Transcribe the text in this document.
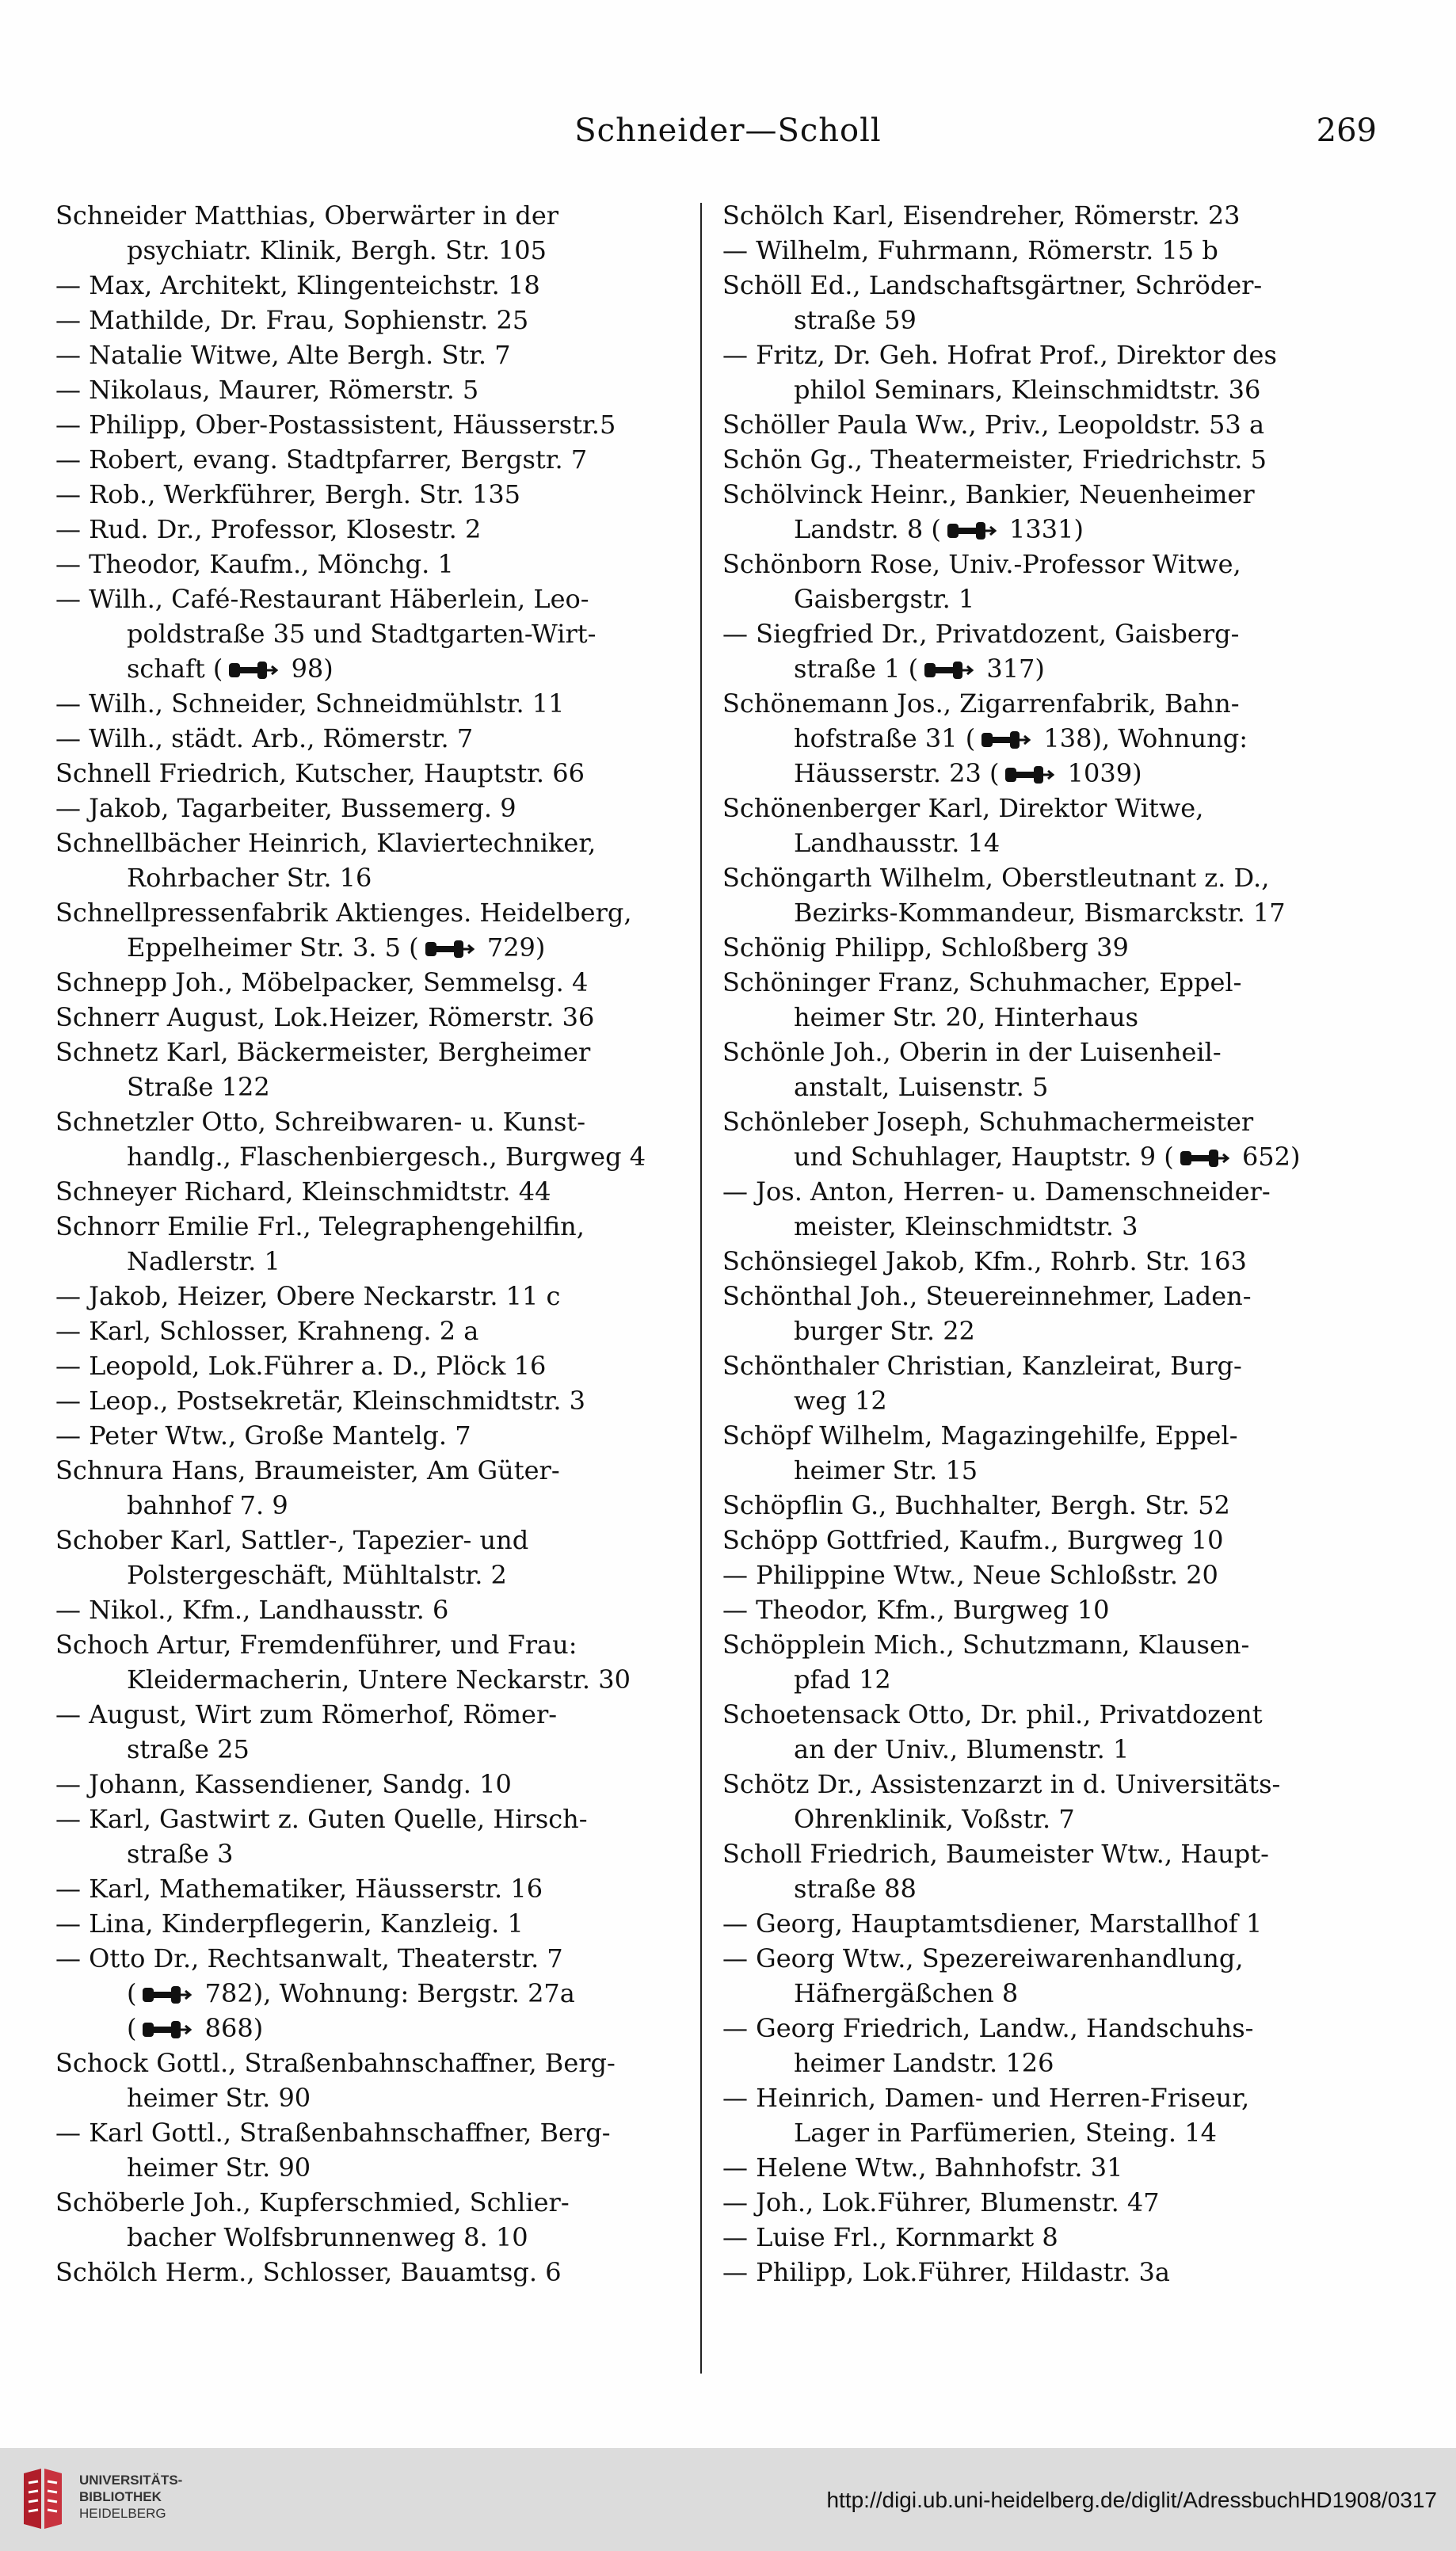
Schneider—Scholl	269
Schneider Matthias, Oberwärter in der
psychiatr. Klinik, Bergh. Str. 105
— Max, Architekt, Klingenteichstr. 18
— Mathilde, Dr. Frau, Sophienstr. 25
— Natalie Witwe, Alte Bergh. Str. 7
— Nikolaus, Maurer, Römerstr. 5
— Philipp, Ober-Postassistent, Häusserstr.5
— Robert, evang. Stadtpfarrer, Bergstr. 7
— Rob., Werkführer, Bergh. Str. 135
— Rud. Dr., Professor, Klosestr. 2
— Theodor, Kaufm., Mönchg. 1
— Wilh., Café-Restaurant Häberlein, Leo-
poldstraße 35 und Stadtgarten-Wirt-
schaft ( 98)
— Wilh., Schneider, Schneidmühlstr. 11
— Wilh., städt. Arb., Römerstr. 7
Schnell Friedrich, Kutscher, Hauptstr. 66
— Jakob, Tagarbeiter, Bussemerg. 9
Schnellbächer Heinrich, Klaviertechniker,
Rohrbacher Str. 16
Schnellpressenfabrik Aktienges. Heidelberg,
Eppelheimer Str. 3. 5 ( 729)
Schnepp Joh., Möbelpacker, Semmelsg. 4
Schnerr August, Lok.Heizer, Römerstr. 36
Schnetz Karl, Bäckermeister, Bergheimer
Straße 122
Schnetzler Otto, Schreibwaren- u. Kunst-
handlg., Flaschenbiergesch., Burgweg 4
Schneyer Richard, Kleinschmidtstr. 44
Schnorr Emilie Frl., Telegraphengehilfin,
Nadlerstr. 1
— Jakob, Heizer, Obere Neckarstr. 11 c
— Karl, Schlosser, Krahneng. 2 a
— Leopold, Lok.Führer a. D., Plöck 16
— Leop., Postsekretär, Kleinschmidtstr. 3
— Peter Wtw., Große Mantelg. 7
Schnura Hans, Braumeister, Am Güter-
bahnhof 7. 9
Schober Karl, Sattler-, Tapezier- und
Polstergeschäft, Mühltalstr. 2
— Nikol., Kfm., Landhausstr. 6
Schoch Artur, Fremdenführer, und Frau:
Kleidermacherin, Untere Neckarstr. 30
— August, Wirt zum Römerhof, Römer-
straße 25
— Johann, Kassendiener, Sandg. 10
— Karl, Gastwirt z. Guten Quelle, Hirsch-
straße 3
— Karl, Mathematiker, Häusserstr. 16
— Lina, Kinderpflegerin, Kanzleig. 1
— Otto Dr., Rechtsanwalt, Theaterstr. 7
( 782), Wohnung: Bergstr. 27a
( 868)
Schock Gottl., Straßenbahnschaffner, Berg-
heimer Str. 90
— Karl Gottl., Straßenbahnschaffner, Berg-
heimer Str. 90
Schöberle Joh., Kupferschmied, Schlier-
bacher Wolfsbrunnenweg 8. 10
Schölch Herm., Schlosser, Bauamtsg. 6
Schölch Karl, Eisendreher, Römerstr. 23
— Wilhelm, Fuhrmann, Römerstr. 15 b
Schöll Ed., Landschaftsgärtner, Schröder-
straße 59
— Fritz, Dr. Geh. Hofrat Prof., Direktor des
philol Seminars, Kleinschmidtstr. 36
Schöller Paula Ww., Priv., Leopoldstr. 53 a
Schön Gg., Theatermeister, Friedrichstr. 5
Schölvinck Heinr., Bankier, Neuenheimer
Landstr. 8 ( 1331)
Schönborn Rose, Univ.-Professor Witwe,
Gaisbergstr. 1
— Siegfried Dr., Privatdozent, Gaisberg-
straße 1 ( 317)
Schönemann Jos., Zigarrenfabrik, Bahn-
hofstraße 31 ( 138), Wohnung:
Häusserstr. 23 ( 1039)
Schönenberger Karl, Direktor Witwe,
Landhausstr. 14
Schöngarth Wilhelm, Oberstleutnant z. D.,
Bezirks-Kommandeur, Bismarckstr. 17
Schönig Philipp, Schloßberg 39
Schöninger Franz, Schuhmacher, Eppel-
heimer Str. 20, Hinterhaus
Schönle Joh., Oberin in der Luisenheil-
anstalt, Luisenstr. 5
Schönleber Joseph, Schuhmachermeister
und Schuhlager, Hauptstr. 9 ( 652)
— Jos. Anton, Herren- u. Damenschneider-
meister, Kleinschmidtstr. 3
Schönsiegel Jakob, Kfm., Rohrb. Str. 163
Schönthal Joh., Steuereinnehmer, Laden-
burger Str. 22
Schönthaler Christian, Kanzleirat, Burg-
weg 12
Schöpf Wilhelm, Magazingehilfe, Eppel-
heimer Str. 15
Schöpflin G., Buchhalter, Bergh. Str. 52
Schöpp Gottfried, Kaufm., Burgweg 10
— Philippine Wtw., Neue Schloßstr. 20
— Theodor, Kfm., Burgweg 10
Schöpplein Mich., Schutzmann, Klausen-
pfad 12
Schoetensack Otto, Dr. phil., Privatdozent
an der Univ., Blumenstr. 1
Schötz Dr., Assistenzarzt in d. Universitäts-
Ohrenklinik, Voßstr. 7
Scholl Friedrich, Baumeister Wtw., Haupt-
straße 88
— Georg, Hauptamtsdiener, Marstallhof 1
— Georg Wtw., Spezereiwarenhandlung,
Häfnergäßchen 8
— Georg Friedrich, Landw., Handschuhs-
heimer Landstr. 126
— Heinrich, Damen- und Herren-Friseur,
Lager in Parfümerien, Steing. 14
— Helene Wtw., Bahnhofstr. 31
— Joh., Lok.Führer, Blumenstr. 47
— Luise Frl., Kornmarkt 8
— Philipp, Lok.Führer, Hildastr. 3a
UNIVERSITÄTS-
BIBLIOTHEK
HEIDELBERG
http://digi.ub.uni-heidelberg.de/diglit/AdressbuchHD1908/0317
